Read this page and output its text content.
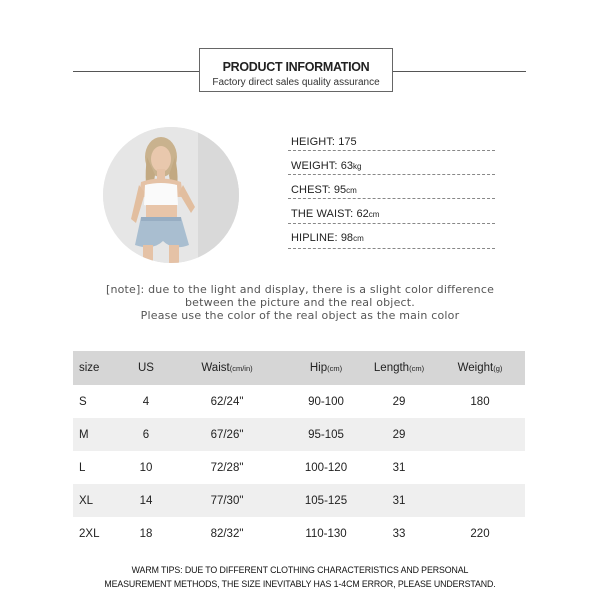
PRODUCT INFORMATION
Factory direct sales quality assurance
HEIGHT: 175
WEIGHT: 63kg
CHEST: 95cm
THE WAIST: 62cm
HIPLINE: 98cm
[note]: due to the light and display, there is a slight color difference
between the picture and the real object.
Please use the color of the real object as the main color
size	US	Waist(cm/in)	Hip(cm)	Length(cm)	Weight(g)
S	4	62/24"	90-100	29	180
M	6	67/26"	95-105	29	
L	10	72/28"	100-120	31	
XL	14	77/30"	105-125	31	
2XL	18	82/32"	110-130	33	220
WARM TIPS: DUE TO DIFFERENT CLOTHING CHARACTERISTICS AND PERSONAL
MEASUREMENT METHODS, THE SIZE INEVITABLY HAS 1-4CM ERROR, PLEASE UNDERSTAND.
